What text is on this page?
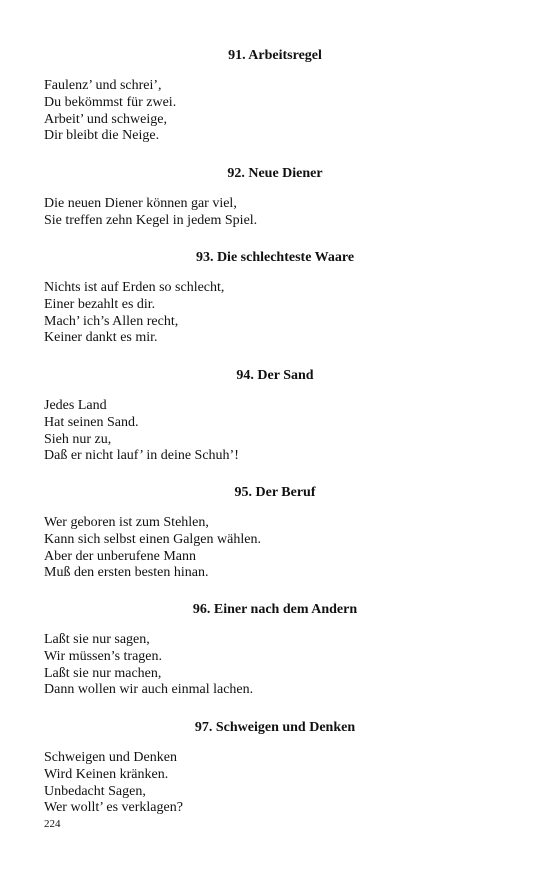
91. Arbeitsregel
Faulenz’ und schrei’,
Du bekömmst für zwei.
Arbeit’ und schweige,
Dir bleibt die Neige.
92. Neue Diener
Die neuen Diener können gar viel,
Sie treffen zehn Kegel in jedem Spiel.
93. Die schlechteste Waare
Nichts ist auf Erden so schlecht,
Einer bezahlt es dir.
Mach’ ich’s Allen recht,
Keiner dankt es mir.
94. Der Sand
Jedes Land
Hat seinen Sand.
Sieh nur zu,
Daß er nicht lauf’ in deine Schuh’!
95. Der Beruf
Wer geboren ist zum Stehlen,
Kann sich selbst einen Galgen wählen.
Aber der unberufene Mann
Muß den ersten besten hinan.
96. Einer nach dem Andern
Laßt sie nur sagen,
Wir müssen’s tragen.
Laßt sie nur machen,
Dann wollen wir auch einmal lachen.
97. Schweigen und Denken
Schweigen und Denken
Wird Keinen kränken.
Unbedacht Sagen,
Wer wollt’ es verklagen?
224
